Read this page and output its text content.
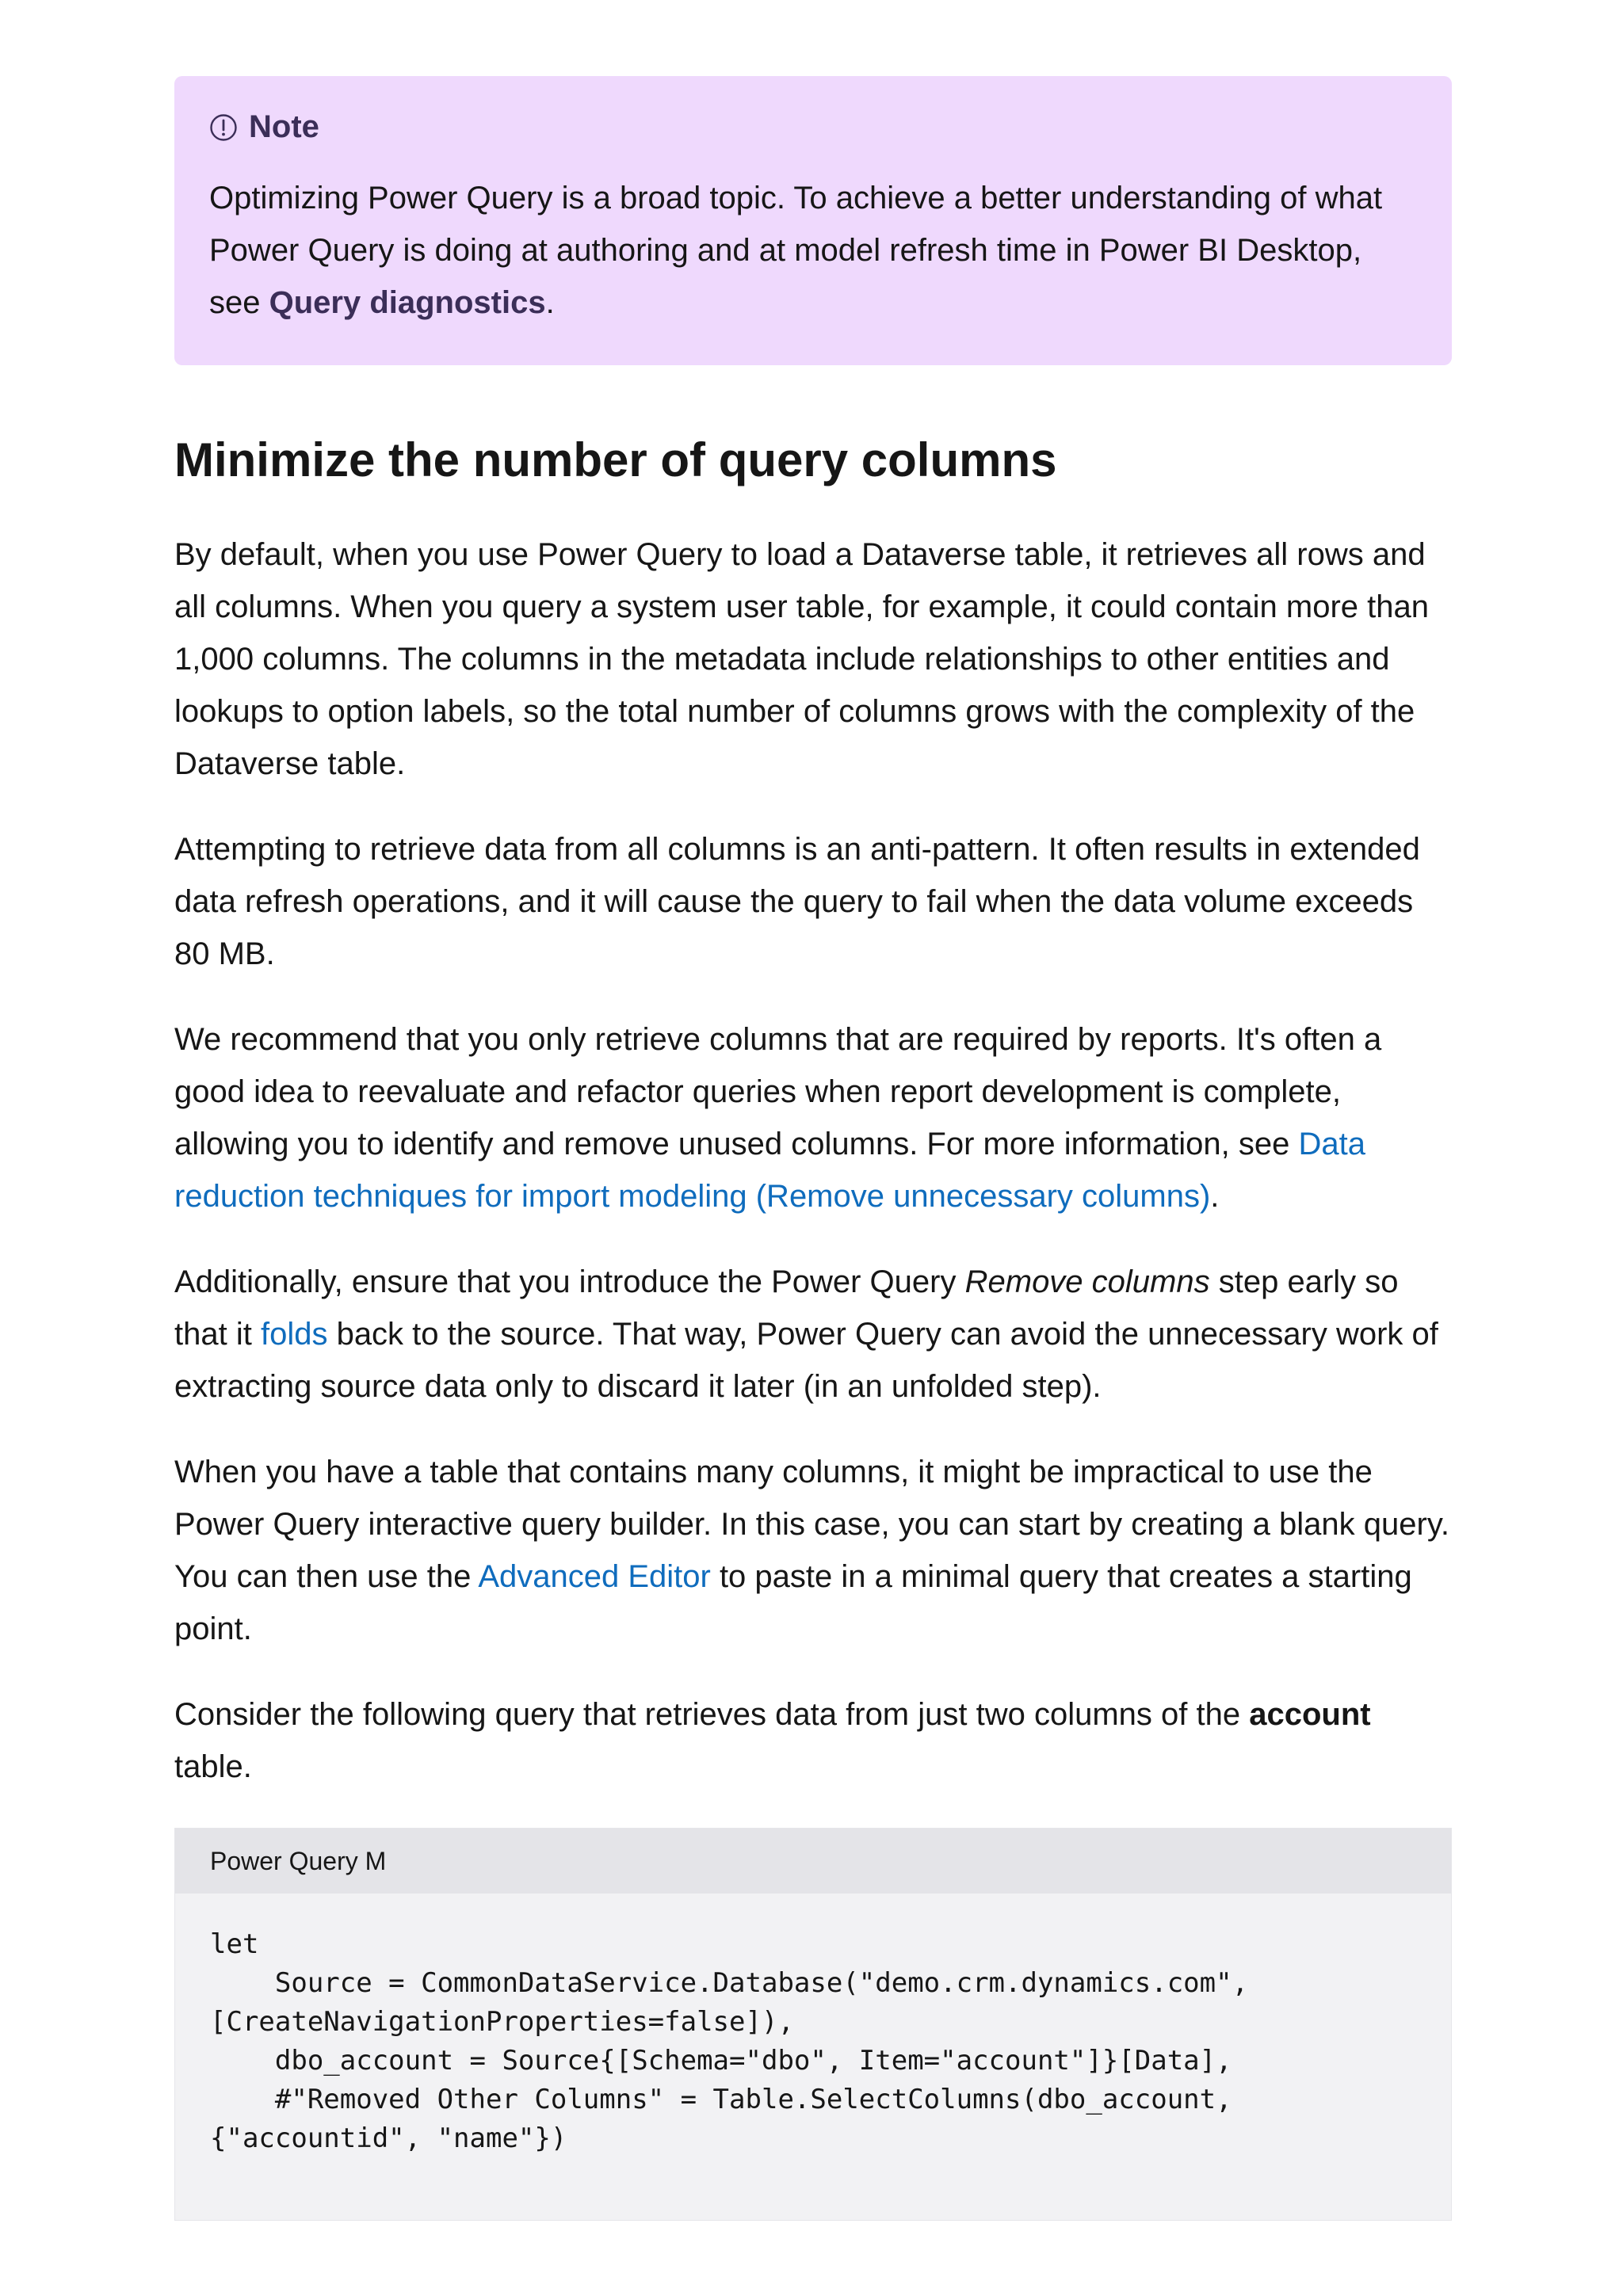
Note
Optimizing Power Query is a broad topic. To achieve a better understanding of what Power Query is doing at authoring and at model refresh time in Power BI Desktop, see Query diagnostics.
Minimize the number of query columns

By default, when you use Power Query to load a Dataverse table, it retrieves all rows and all columns. When you query a system user table, for example, it could contain more than 1,000 columns. The columns in the metadata include relationships to other entities and lookups to option labels, so the total number of columns grows with the complexity of the Dataverse table.

Attempting to retrieve data from all columns is an anti-pattern. It often results in extended data refresh operations, and it will cause the query to fail when the data volume exceeds 80 MB.

We recommend that you only retrieve columns that are required by reports. It's often a good idea to reevaluate and refactor queries when report development is complete, allowing you to identify and remove unused columns. For more information, see Data reduction techniques for import modeling (Remove unnecessary columns).

Additionally, ensure that you introduce the Power Query Remove columns step early so that it folds back to the source. That way, Power Query can avoid the unnecessary work of extracting source data only to discard it later (in an unfolded step).

When you have a table that contains many columns, it might be impractical to use the Power Query interactive query builder. In this case, you can start by creating a blank query. You can then use the Advanced Editor to paste in a minimal query that creates a starting point.

Consider the following query that retrieves data from just two columns of the account table.

Power Query M
let
Source = CommonDataService.Database("demo.crm.dynamics.com",
[CreateNavigationProperties=false]),
dbo_account = Source{[Schema="dbo", Item="account"]}[Data],
#"Removed Other Columns" = Table.SelectColumns(dbo_account,
{"accountid", "name"})
